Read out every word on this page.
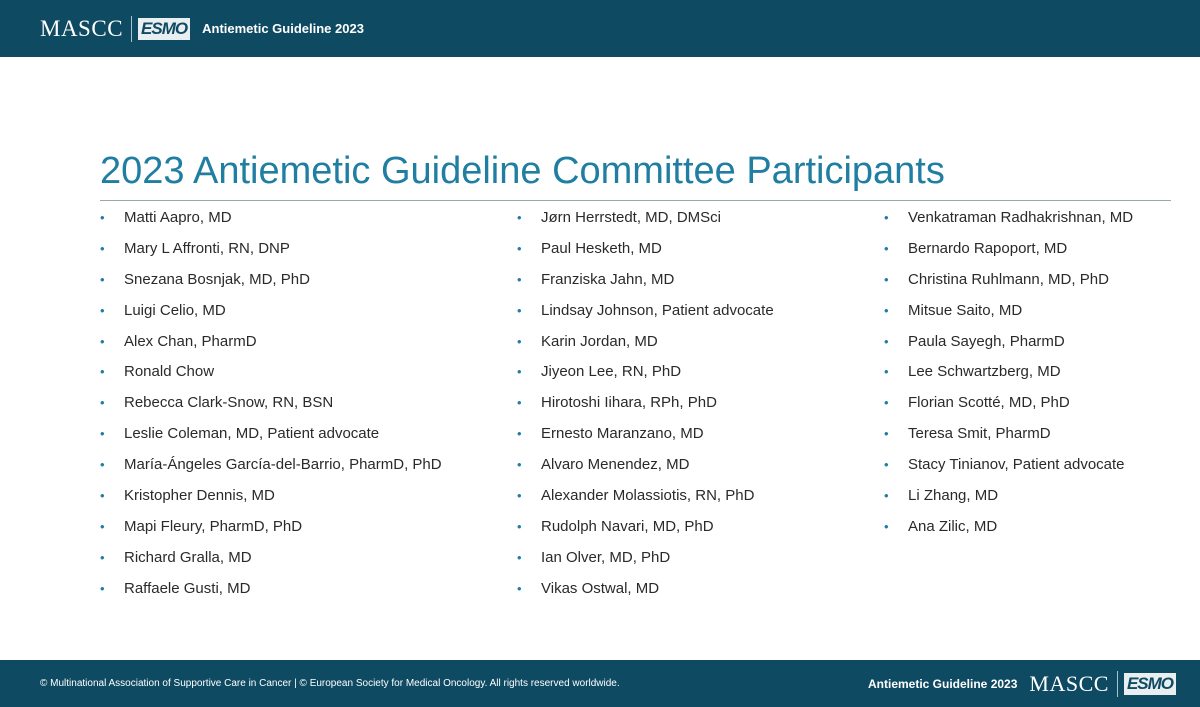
MASCC ESMO Antiemetic Guideline 2023
2023 Antiemetic Guideline Committee Participants
• Matti Aapro, MD
• Mary L Affronti, RN, DNP
• Snezana Bosnjak, MD, PhD
• Luigi Celio, MD
• Alex Chan, PharmD
• Ronald Chow
• Rebecca Clark-Snow, RN, BSN
• Leslie Coleman, MD, Patient advocate
• María-Ángeles García-del-Barrio, PharmD, PhD
• Kristopher Dennis, MD
• Mapi Fleury, PharmD, PhD
• Richard Gralla, MD
• Raffaele Gusti, MD
• Jørn Herrstedt, MD, DMSci
• Paul Hesketh, MD
• Franziska Jahn, MD
• Lindsay Johnson, Patient advocate
• Karin Jordan, MD
• Jiyeon Lee, RN, PhD
• Hirotoshi Iihara, RPh, PhD
• Ernesto Maranzano, MD
• Alvaro Menendez, MD
• Alexander Molassiotis, RN, PhD
• Rudolph Navari, MD, PhD
• Ian Olver, MD, PhD
• Vikas Ostwal, MD
• Venkatraman Radhakrishnan, MD
• Bernardo Rapoport, MD
• Christina Ruhlmann, MD, PhD
• Mitsue Saito, MD
• Paula Sayegh, PharmD
• Lee Schwartzberg, MD
• Florian Scotté, MD, PhD
• Teresa Smit, PharmD
• Stacy Tinianov, Patient advocate
• Li Zhang, MD
• Ana Zilic, MD
© Multinational Association of Supportive Care in Cancer | © European Society for Medical Oncology. All rights reserved worldwide.	Antiemetic Guideline 2023 MASCC ESMO
